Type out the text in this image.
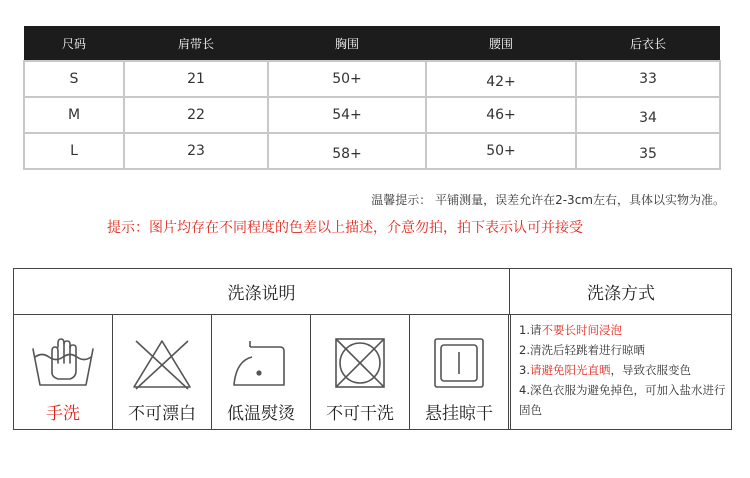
尺码	肩带长	胸围	腰围	后衣长
S	21	50+	42+	33
M	22	54+	46+	34
L	23	58+	50+	35
温馨提示： 平铺测量，误差允许在2-3cm左右，具体以实物为准。
提示：图片均存在不同程度的色差以上描述，介意勿拍，拍下表示认可并接受
洗涤说明	洗涤方式
手洗	不可漂白	低温熨烫	不可干洗	悬挂晾干
1.请不要长时间浸泡
2.清洗后轻跳着进行晾晒
3.请避免阳光直晒，导致衣服变色
4.深色衣服为避免掉色，可加入盐水进行固色
